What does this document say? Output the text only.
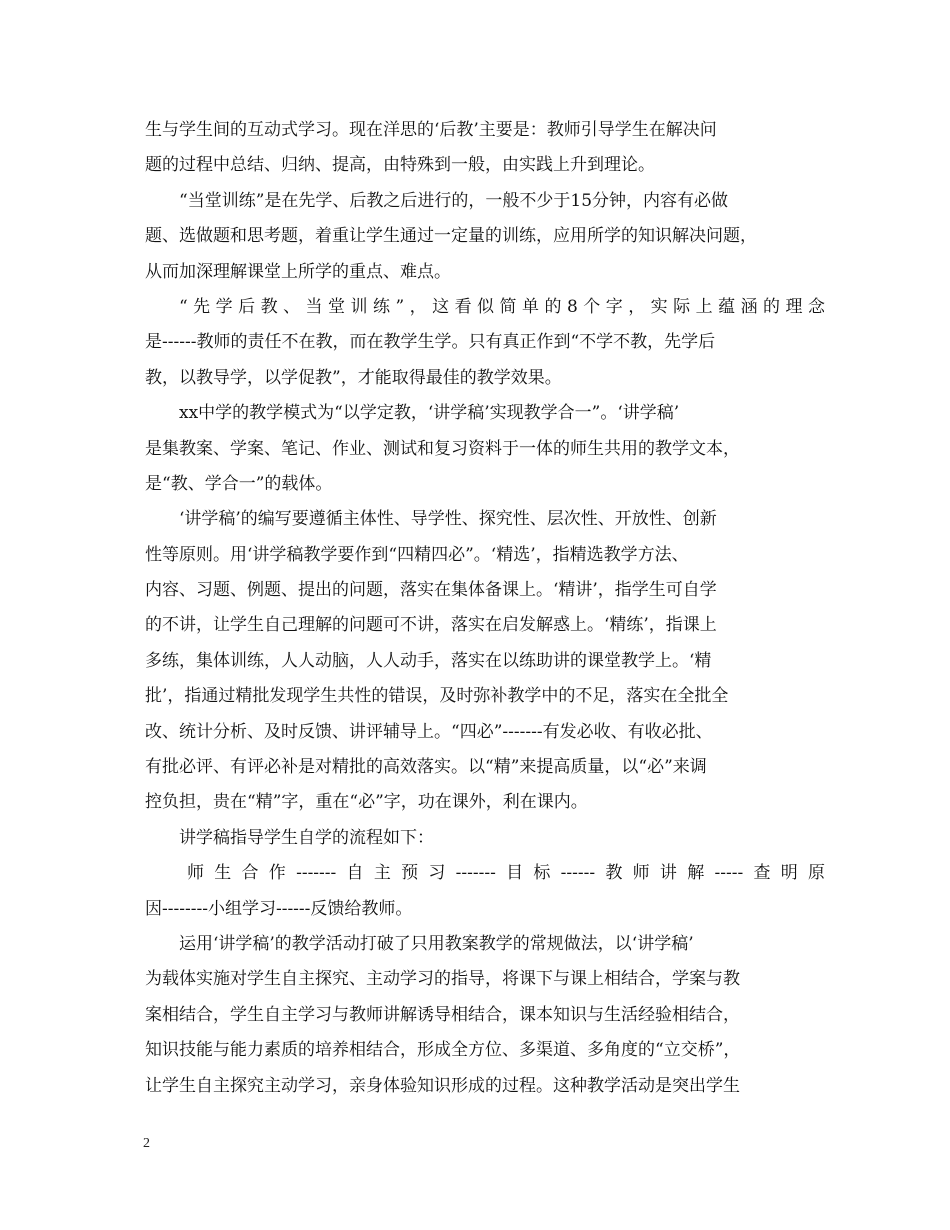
生与学生间的互动式学习。现在洋思的‘后教’主要是：教师引导学生在解决问
题的过程中总结、归纳、提高，由特殊到一般，由实践上升到理论。
“当堂训练”是在先学、后教之后进行的，一般不少于15分钟，内容有必做
题、选做题和思考题，着重让学生通过一定量的训练，应用所学的知识解决问题，
从而加深理解课堂上所学的重点、难点。
“先学后教、当堂训练”，这看似简单的8个字，实际上蕴涵的理念
是------教师的责任不在教，而在教学生学。只有真正作到“不学不教，先学后
教，以教导学，以学促教”，才能取得最佳的教学效果。
xx中学的教学模式为“以学定教，‘讲学稿’实现教学合一”。‘讲学稿’
是集教案、学案、笔记、作业、测试和复习资料于一体的师生共用的教学文本，
是“教、学合一”的载体。
‘讲学稿’的编写要遵循主体性、导学性、探究性、层次性、开放性、创新
性等原则。用‘讲学稿教学要作到“四精四必”。‘精选’，指精选教学方法、
内容、习题、例题、提出的问题，落实在集体备课上。‘精讲’，指学生可自学
的不讲，让学生自己理解的问题可不讲，落实在启发解惑上。‘精练’，指课上
多练，集体训练，人人动脑，人人动手，落实在以练助讲的课堂教学上。‘精
批’，指通过精批发现学生共性的错误，及时弥补教学中的不足，落实在全批全
改、统计分析、及时反馈、讲评辅导上。“四必”-------有发必收、有收必批、
有批必评、有评必补是对精批的高效落实。以“精”来提高质量，以“必”来调
控负担，贵在“精”字，重在“必”字，功在课外，利在课内。
讲学稿指导学生自学的流程如下：
师生合作-------自主预习-------目标------教师讲解-----查明原
因--------小组学习------反馈给教师。
运用‘讲学稿’的教学活动打破了只用教案教学的常规做法，以‘讲学稿’
为载体实施对学生自主探究、主动学习的指导，将课下与课上相结合，学案与教
案相结合，学生自主学习与教师讲解诱导相结合，课本知识与生活经验相结合，
知识技能与能力素质的培养相结合，形成全方位、多渠道、多角度的“立交桥”，
让学生自主探究主动学习，亲身体验知识形成的过程。这种教学活动是突出学生
2
